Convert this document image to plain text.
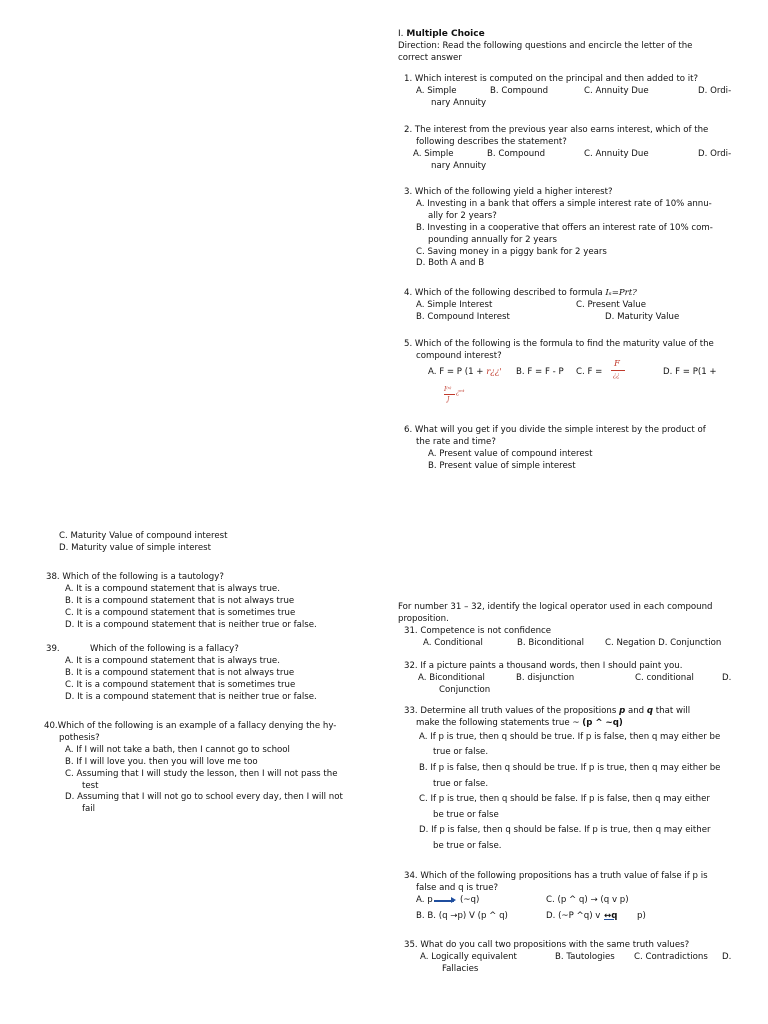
I. Multiple Choice
Direction: Read the following questions and encircle the letter of the
correct answer
1. Which interest is computed on the principal and then added to it?
A. Simple	B. Compound	C. Annuity Due	D. Ordi-
nary Annuity
2. The interest from the previous year also earns interest, which of the
following describes the statement?
A. Simple	B. Compound	C. Annuity Due	D. Ordi-
nary Annuity
3. Which of the following yield a higher interest?
A. Investing in a bank that offers a simple interest rate of 10% annu-
ally for 2 years?
B. Investing in a cooperative that offers an interest rate of 10% com-
pounding annually for 2 years
C. Saving money in a piggy bank for 2 years
D. Both A and B
4. Which of the following described to formula Iₛ=Prt?
A. Simple Interest	C. Present Value
B. Compound Interest	D. Maturity Value
5. Which of the following is the formula to find the maturity value of the
compound interest?
A. F = P (1 + r¿¿' B. F = F - P C. F =
F
¿¿	D. F = P(1 +
I⁽ˢ⁾
J
¿ᵐᵗ
6. What will you get if you divide the simple interest by the product of
the rate and time?
A. Present value of compound interest
B. Present value of simple interest
C. Maturity Value of compound interest
D. Maturity value of simple interest
38. Which of the following is a tautology?
A. It is a compound statement that is always true.
B. It is a compound statement that is not always true
C. It is a compound statement that is sometimes true
D. It is a compound statement that is neither true or false.
39.	Which of the following is a fallacy?
A. It is a compound statement that is always true.
B. It is a compound statement that is not always true
C. It is a compound statement that is sometimes true
D. It is a compound statement that is neither true or false.
40.Which of the following is an example of a fallacy denying the hy-
pothesis?
A. If I will not take a bath, then I cannot go to school
B. If I will love you. then you will love me too
C. Assuming that I will study the lesson, then I will not pass the
test
D. Assuming that I will not go to school every day, then I will not
fail
For number 31 – 32, identify the logical operator used in each compound
proposition.
31. Competence is not confidence
A. Conditional	B. Biconditional C. Negation D. Conjunction
32. If a picture paints a thousand words, then I should paint you.
A. Biconditional	B. disjunction	C. conditional	D.
Conjunction
33. Determine all truth values of the propositions p and q that will
make the following statements true ~ (p ^ ~q)
A. If p is true, then q should be true. If p is false, then q may either be
true or false.
B. If p is false, then q should be true. If p is true, then q may either be
true or false.
C. If p is true, then q should be false. If p is false, then q may either
be true or false
D. If p is false, then q should be false. If p is true, then q may either
be true or false.
34. Which of the following propositions has a truth value of false if p is
false and q is true?
A. p	(~q)	C. (p ^ q) → (q v p)
B. B. (q →p) V (p ^ q)	D. (~P ^q) v ↔q p)
35. What do you call two propositions with the same truth values?
A. Logically equivalent	B. Tautologies C. Contradictions D.
Fallacies
